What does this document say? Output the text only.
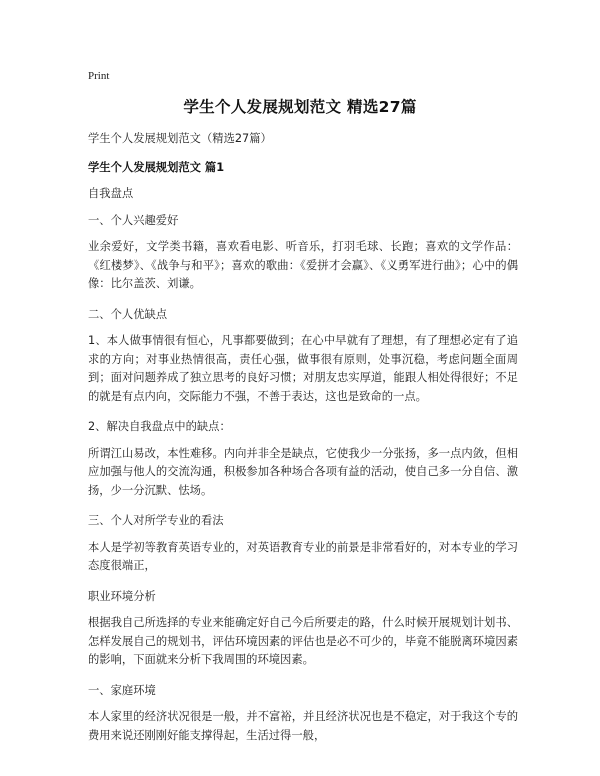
Print
学生个人发展规划范文 精选27篇

学生个人发展规划范文（精选27篇）

学生个人发展规划范文 篇1

自我盘点

一、个人兴趣爱好

业余爱好，文学类书籍，喜欢看电影、听音乐，打羽毛球、长跑；喜欢的文学作品：《红楼梦》、《战争与和平》；喜欢的歌曲：《爱拼才会赢》、《义勇军进行曲》；心中的偶像：比尔盖茨、刘谦。

二、个人优缺点

1、本人做事情很有恒心，凡事都要做到；在心中早就有了理想，有了理想必定有了追求的方向；对事业热情很高，责任心强，做事很有原则，处事沉稳，考虑问题全面周到；面对问题养成了独立思考的良好习惯；对朋友忠实厚道，能跟人相处得很好；不足的就是有点内向，交际能力不强，不善于表达，这也是致命的一点。

2、解决自我盘点中的缺点：

所谓江山易改，本性难移。内向并非全是缺点，它使我少一分张扬，多一点内敛，但相应加强与他人的交流沟通，积极参加各种场合各项有益的活动，使自己多一分自信、激扬，少一分沉默、怯场。

三、个人对所学专业的看法

本人是学初等教育英语专业的，对英语教育专业的前景是非常看好的，对本专业的学习态度很端正，

职业环境分析

根据我自己所选择的专业来能确定好自己今后所要走的路，什么时候开展规划计划书、怎样发展自己的规划书，评估环境因素的评估也是必不可少的，毕竟不能脱离环境因素的影响，下面就来分析下我周围的环境因素。

一、家庭环境

本人家里的经济状况很是一般，并不富裕，并且经济状况也是不稳定，对于我这个专的费用来说还刚刚好能支撑得起，生活过得一般，
